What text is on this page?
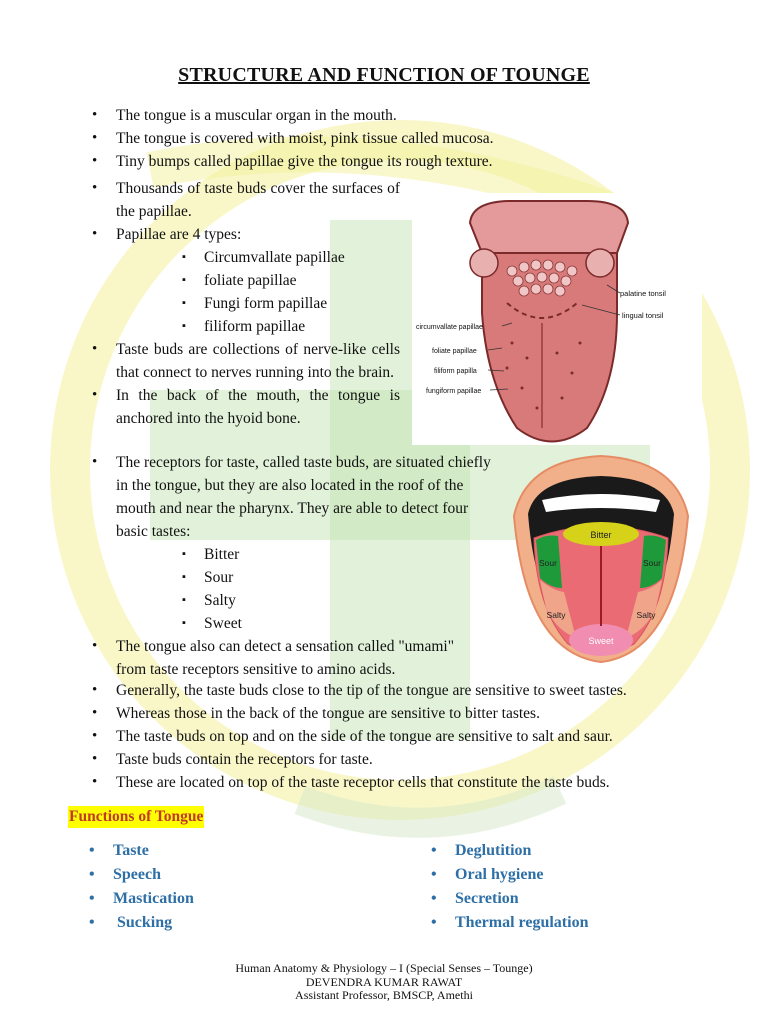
STRUCTURE AND FUNCTION OF TOUNGE
• The tongue is a muscular organ in the mouth.
• The tongue is covered with moist, pink tissue called mucosa.
• Tiny bumps called papillae give the tongue its rough texture.
• Thousands of taste buds cover the surfaces of the papillae.
• Papillae are 4 types:
▪ Circumvallate papillae
▪ foliate papillae
▪ Fungi form papillae
▪ filiform papillae
• Taste buds are collections of nerve-like cells that connect to nerves running into the brain.
• In the back of the mouth, the tongue is anchored into the hyoid bone.
• The receptors for taste, called taste buds, are situated chiefly in the tongue, but they are also located in the roof of the mouth and near the pharynx. They are able to detect four basic tastes:
▪ Bitter
▪ Sour
▪ Salty
▪ Sweet
• The tongue also can detect a sensation called "umami" from taste receptors sensitive to amino acids.
• Generally, the taste buds close to the tip of the tongue are sensitive to sweet tastes.
• Whereas those in the back of the tongue are sensitive to bitter tastes.
• The taste buds on top and on the side of the tongue are sensitive to salt and saur.
• Taste buds contain the receptors for taste.
• These are located on top of the taste receptor cells that constitute the taste buds.
Functions of Tongue
• Taste
• Speech
• Mastication
•  Sucking
• Deglutition
• Oral hygiene
• Secretion
• Thermal regulation
palatine tonsil
lingual tonsil
circumvallate papillae
foliate papillae
filiform papilla
fungiform papillae
Bitter
Sour	Sour
Salty	Salty
Sweet
Human Anatomy & Physiology – I (Special Senses – Tounge)
DEVENDRA KUMAR RAWAT
Assistant Professor, BMSCP, Amethi
